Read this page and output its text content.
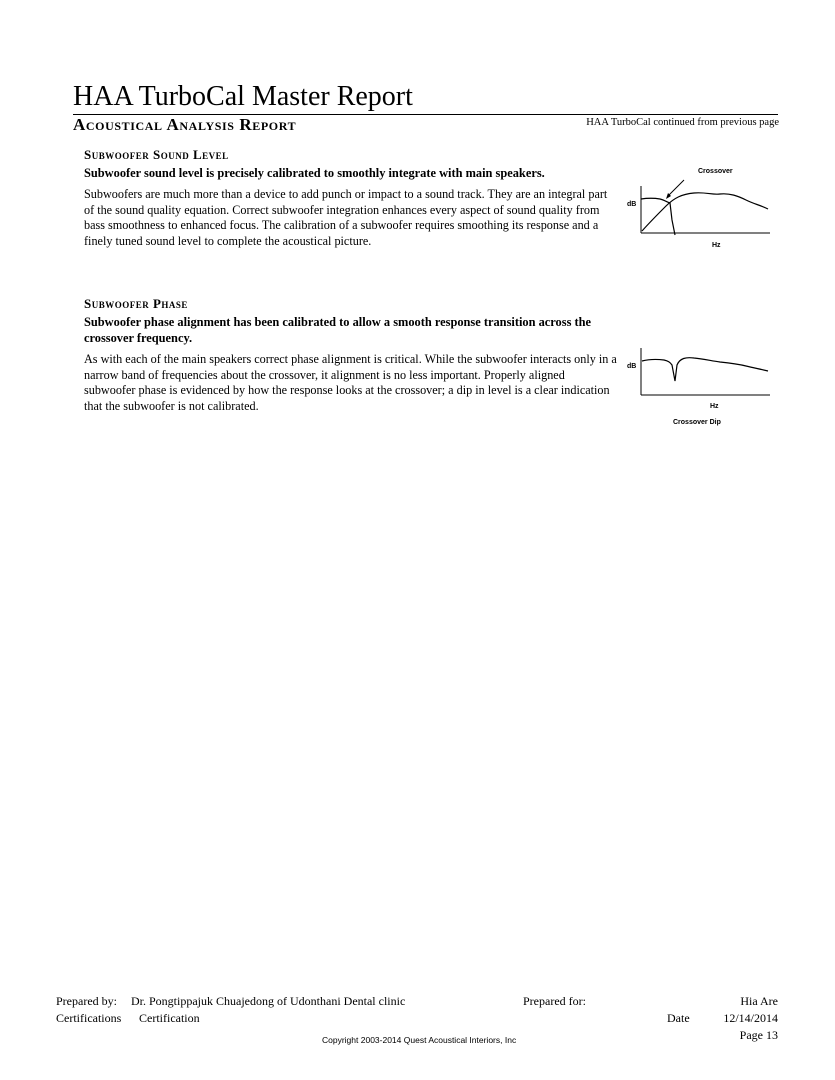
HAA TurboCal Master Report
Acoustical Analysis Report	HAA TurboCal continued from previous page
Subwoofer Sound Level
Subwoofer sound level is precisely calibrated to smoothly integrate with main speakers.
Subwoofers are much more than a device to add punch or impact to a sound track. They are an integral part of the sound quality equation. Correct subwoofer integration enhances every aspect of sound quality from bass smoothness to enhanced focus. The calibration of a subwoofer requires smoothing its response and a finely tuned sound level to complete the acoustical picture.
Crossover
dB
Hz
Subwoofer Phase
Subwoofer phase alignment has been calibrated to allow a smooth response transition across the crossover frequency.
As with each of the main speakers correct phase alignment is critical. While the subwoofer interacts only in a narrow band of frequencies about the crossover, it alignment is no less important. Properly aligned subwoofer phase is evidenced by how the response looks at the crossover; a dip in level is a clear indication that the subwoofer is not calibrated.
dB
Hz
Crossover Dip
Prepared by: Dr. Pongtippajuk Chuajedong of Udonthani Dental clinic	Prepared for:	Hia Are
Certifications Certification	Date	12/14/2014
Copyright 2003-2014 Quest Acoustical Interiors, Inc	Page 13
